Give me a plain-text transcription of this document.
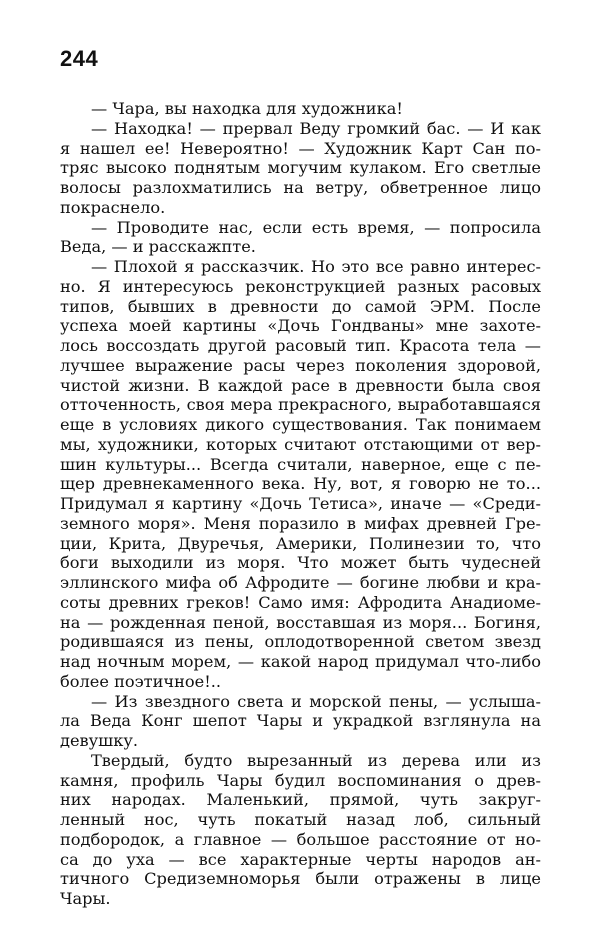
244
— Чара, вы находка для художника!
— Находка! — прервал Веду громкий бас. — И как
я нашел ее! Невероятно! — Художник Карт Сан по-
тряс высоко поднятым могучим кулаком. Его светлые
волосы разлохматились на ветру, обветренное лицо
покраснело.
— Проводите нас, если есть время, — попросила
Веда, — и расскажпте.
— Плохой я рассказчик. Но это все равно интерес-
но. Я интересуюсь реконструкцией разных расовых
типов, бывших в древности до самой ЭРМ. После
успеха моей картины «Дочь Гондваны» мне захоте-
лось воссоздать другой расовый тип. Красота тела —
лучшее выражение расы через поколения здоровой,
чистой жизни. В каждой расе в древности была своя
отточенность, своя мера прекрасного, выработавшаяся
еще в условиях дикого существования. Так понимаем
мы, художники, которых считают отстающими от вер-
шин культуры... Всегда считали, наверное, еще с пе-
щер древнекаменного века. Ну, вот, я говорю не то...
Придумал я картину «Дочь Тетиса», иначе — «Среди-
земного моря». Меня поразило в мифах древней Гре-
ции, Крита, Двуречья, Америки, Полинезии то, что
боги выходили из моря. Что может быть чудесней
эллинского мифа об Афродите — богине любви и кра-
соты древних греков! Само имя: Афродита Анадиоме-
на — рожденная пеной, восставшая из моря... Богиня,
родившаяся из пены, оплодотворенной светом звезд
над ночным морем, — какой народ придумал что-либо
более поэтичное!..
— Из звездного света и морской пены, — услыша-
ла Веда Конг шепот Чары и украдкой взглянула на
девушку.
Твердый, будто вырезанный из дерева или из
камня, профиль Чары будил воспоминания о древ-
них народах. Маленький, прямой, чуть закруг-
ленный нос, чуть покатый назад лоб, сильный
подбородок, а главное — большое расстояние от но-
са до уха — все характерные черты народов ан-
тичного Средиземноморья были отражены в лице
Чары.
